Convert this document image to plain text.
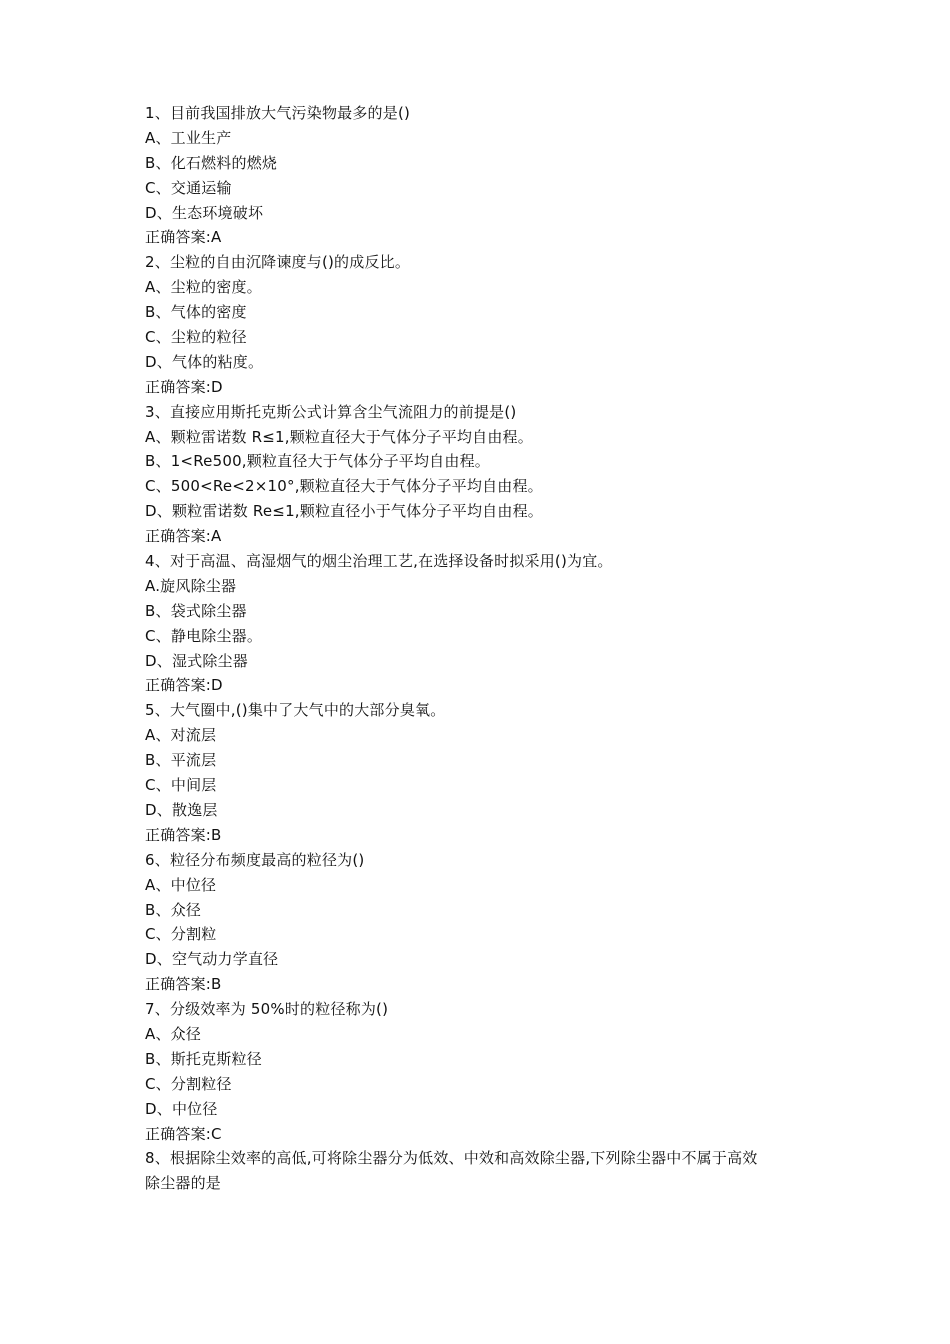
1、目前我国排放大气污染物最多的是()
A、工业生产
B、化石燃料的燃烧
C、交通运输
D、生态环境破坏
正确答案:A
2、尘粒的自由沉降谏度与()的成反比。
A、尘粒的密度。
B、气体的密度
C、尘粒的粒径
D、气体的粘度。
正确答案:D
3、直接应用斯托克斯公式计算含尘气流阻力的前提是()
A、颗粒雷诺数 R≤1,颗粒直径大于气体分子平均自由程。
B、1<Re500,颗粒直径大于气体分子平均自由程。
C、500<Re<2×10°,颗粒直径大于气体分子平均自由程。
D、颗粒雷诺数 Re≤1,颗粒直径小于气体分子平均自由程。
正确答案:A
4、对于高温、高湿烟气的烟尘治理工艺,在选择设备时拟采用()为宜。
A.旋风除尘器
B、袋式除尘器
C、静电除尘器。
D、湿式除尘器
正确答案:D
5、大气圈中,()集中了大气中的大部分臭氧。
A、对流层
B、平流层
C、中间层
D、散逸层
正确答案:B
6、粒径分布频度最高的粒径为()
A、中位径
B、众径
C、分割粒
D、空气动力学直径
正确答案:B
7、分级效率为 50%时的粒径称为()
A、众径
B、斯托克斯粒径
C、分割粒径
D、中位径
正确答案:C
8、根据除尘效率的高低,可将除尘器分为低效、中效和高效除尘器,下列除尘器中不属于高效
除尘器的是
